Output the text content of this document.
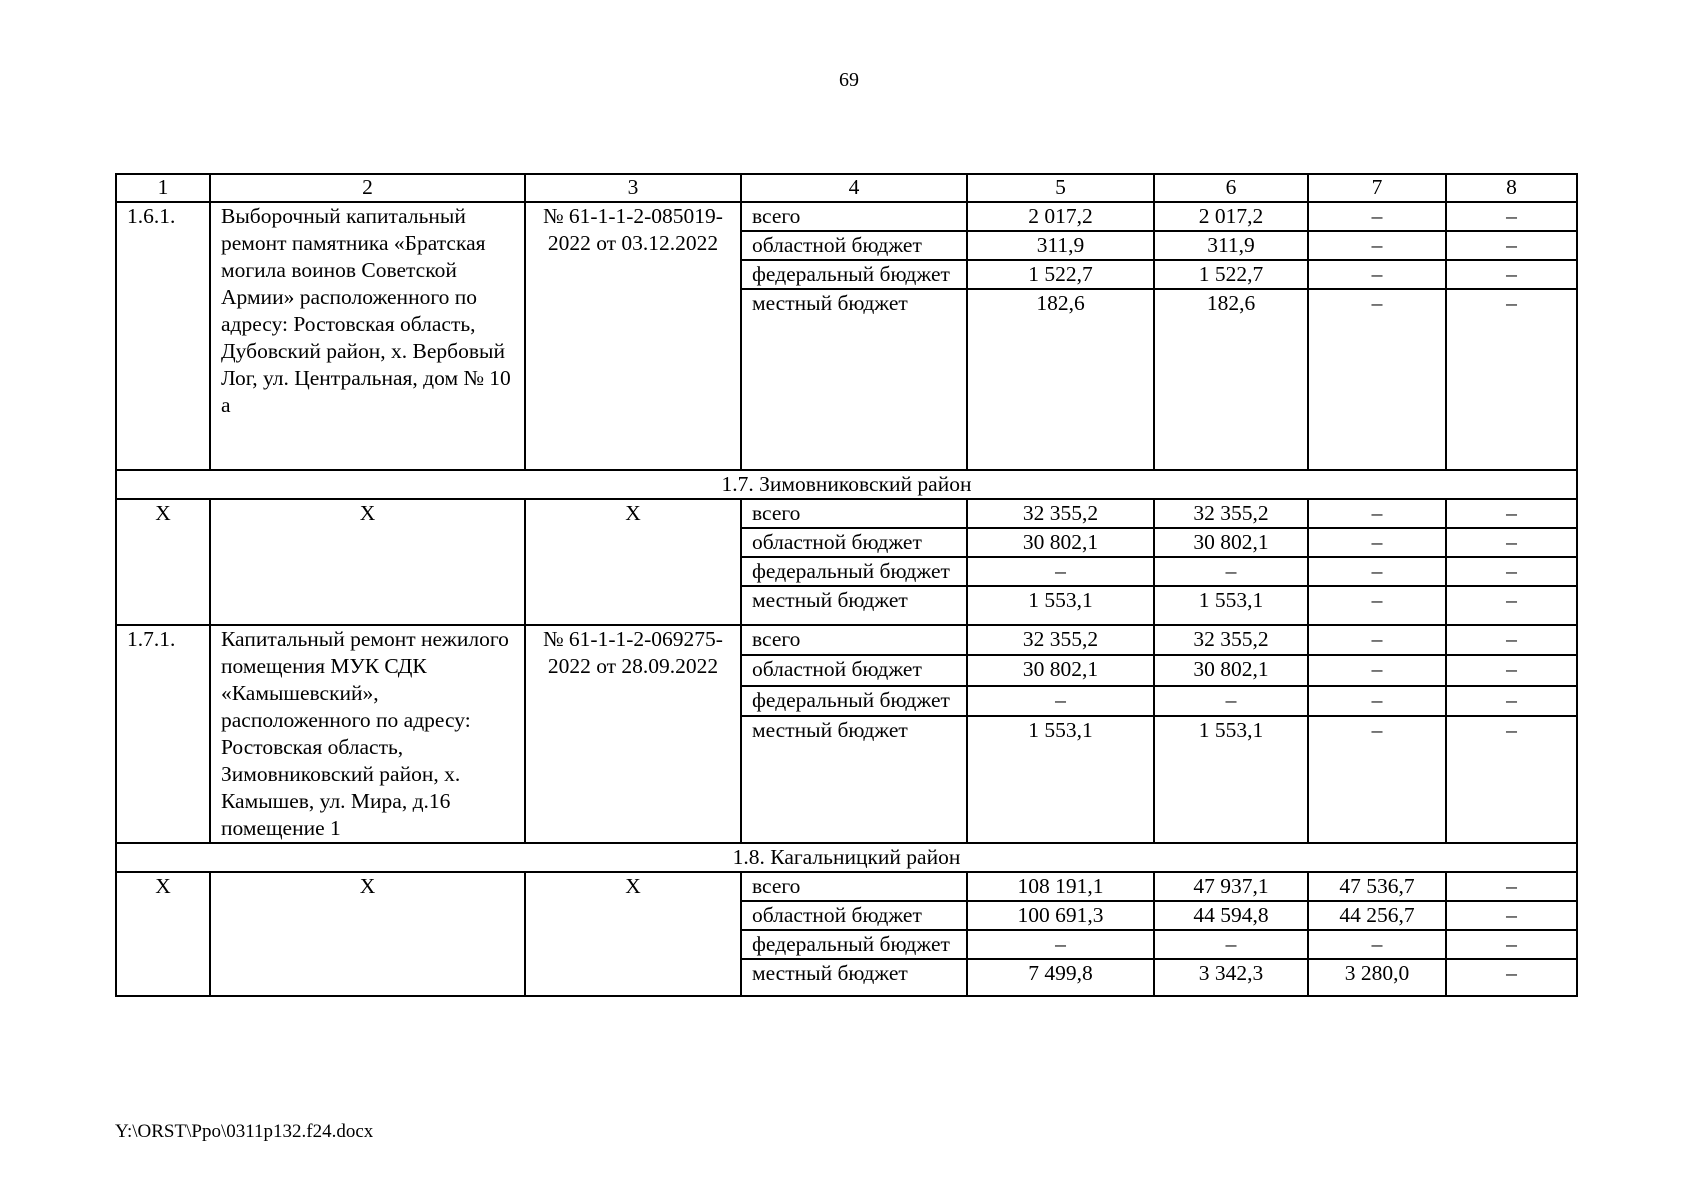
69
1	2	3	4	5	6	7	8
1.6.1.	Выборочный капитальный ремонт памятника «Братская могила воинов Советской Армии» расположенного по адресу: Ростовская область, Дубовский район, х. Вербовый Лог, ул. Центральная, дом № 10 а	№ 61-1-1-2-085019-2022 от 03.12.2022	всего	2 017,2	2 017,2	–	–
			областной бюджет	311,9	311,9	–	–
			федеральный бюджет	1 522,7	1 522,7	–	–
			местный бюджет	182,6	182,6	–	–
1.7. Зимовниковский район							
Х	Х	Х	всего	32 355,2	32 355,2	–	–
			областной бюджет	30 802,1	30 802,1	–	–
			федеральный бюджет	–	–	–	–
			местный бюджет	1 553,1	1 553,1	–	–
1.7.1.	Капитальный ремонт нежилого помещения МУК СДК «Камышевский», расположенного по адресу: Ростовская область, Зимовниковский район, х. Камышев, ул. Мира, д.16 помещение 1	№ 61-1-1-2-069275-2022 от 28.09.2022	всего	32 355,2	32 355,2	–	–
			областной бюджет	30 802,1	30 802,1	–	–
			федеральный бюджет	–	–	–	–
			местный бюджет	1 553,1	1 553,1	–	–
1.8. Кагальницкий район							
Х	Х	Х	всего	108 191,1	47 937,1	47 536,7	–
			областной бюджет	100 691,3	44 594,8	44 256,7	–
			федеральный бюджет	–	–	–	–
			местный бюджет	7 499,8	3 342,3	3 280,0	–
Y:\ORST\Ppo\0311p132.f24.docx
